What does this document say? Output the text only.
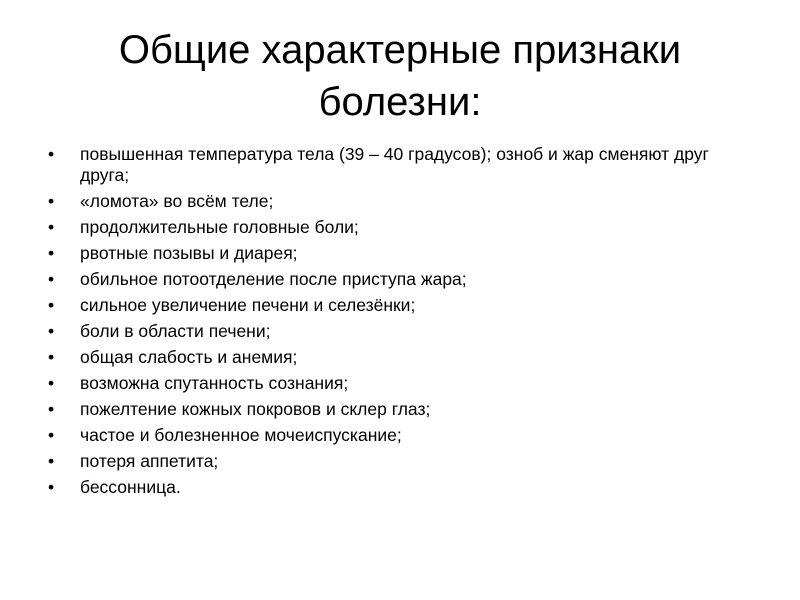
Общие характерные признаки болезни:
•	повышенная температура тела (39 – 40 градусов); озноб и жар сменяют друг друга;
•	«ломота» во всём теле;
•	продолжительные головные боли;
•	рвотные позывы и диарея;
•	обильное потоотделение после приступа жара;
•	сильное увеличение печени и селезёнки;
•	боли в области печени;
•	общая слабость и анемия;
•	возможна спутанность сознания;
•	пожелтение кожных покровов и склер глаз;
•	частое и болезненное мочеиспускание;
•	потеря аппетита;
•	бессонница.
